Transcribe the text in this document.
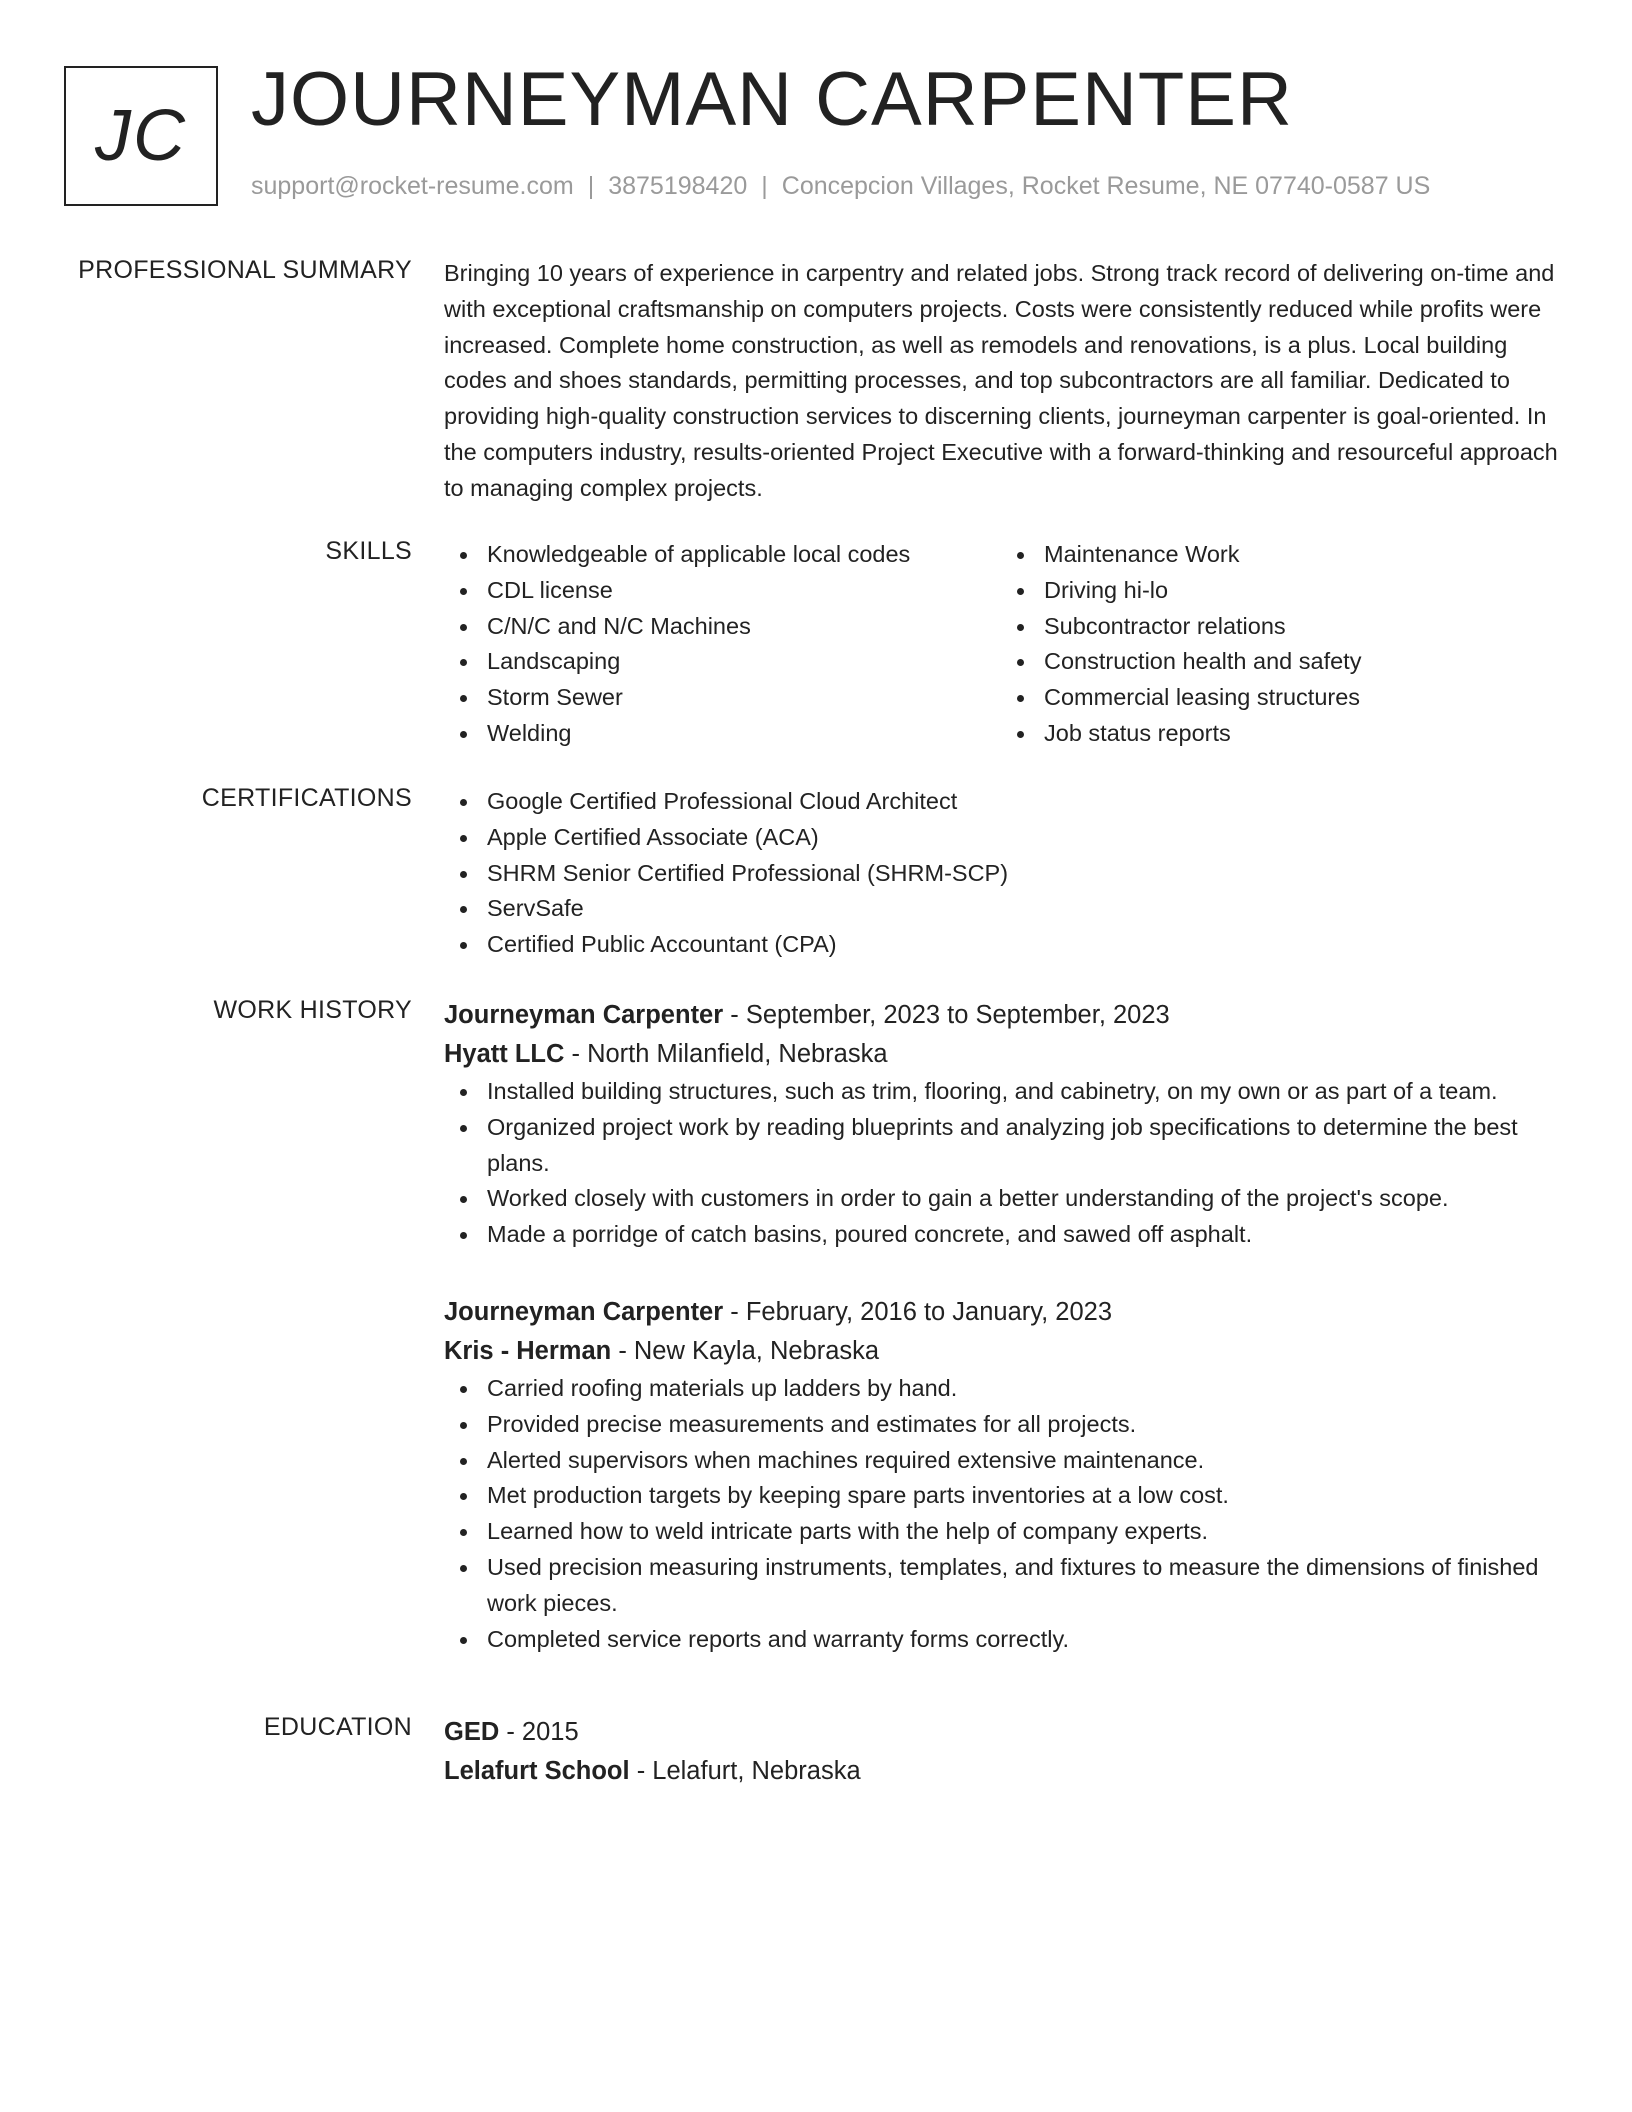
JC JOURNEYMAN CARPENTER
support@rocket-resume.com | 3875198420 | Concepcion Villages, Rocket Resume, NE 07740-0587 US
PROFESSIONAL SUMMARY Bringing 10 years of experience in carpentry and related jobs. Strong track record of delivering on-time and with exceptional craftsmanship on computers projects. Costs were consistently reduced while profits were increased. Complete home construction, as well as remodels and renovations, is a plus. Local building codes and shoes standards, permitting processes, and top subcontractors are all familiar. Dedicated to providing high-quality construction services to discerning clients, journeyman carpenter is goal-oriented. In the computers industry, results-oriented Project Executive with a forward-thinking and resourceful approach to managing complex projects.

SKILLS	Knowledgeable of applicable local codes
CDL license
C/N/C and N/C Machines
Landscaping
Storm Sewer
Welding
Maintenance Work
Driving hi-lo
Subcontractor relations
Construction health and safety
Commercial leasing structures
Job status reports
CERTIFICATIONS	Google Certified Professional Cloud Architect
Apple Certified Associate (ACA)
SHRM Senior Certified Professional (SHRM-SCP)
ServSafe
Certified Public Accountant (CPA)
WORK HISTORY Journeyman Carpenter - September, 2023 to September, 2023

Hyatt LLC - North Milanfield, Nebraska

Installed building structures, such as trim, flooring, and cabinetry, on my own or as part of a team.
Organized project work by reading blueprints and analyzing job specifications to determine the best plans.
Worked closely with customers in order to gain a better understanding of the project's scope.
Made a porridge of catch basins, poured concrete, and sawed off asphalt.

Journeyman Carpenter - February, 2016 to January, 2023

Kris - Herman - New Kayla, Nebraska

Carried roofing materials up ladders by hand.
Provided precise measurements and estimates for all projects.
Alerted supervisors when machines required extensive maintenance.
Met production targets by keeping spare parts inventories at a low cost.
Learned how to weld intricate parts with the help of company experts.
Used precision measuring instruments, templates, and fixtures to measure the dimensions of finished work pieces.
Completed service reports and warranty forms correctly.
EDUCATION GED - 2015

Lelafurt School - Lelafurt, Nebraska
